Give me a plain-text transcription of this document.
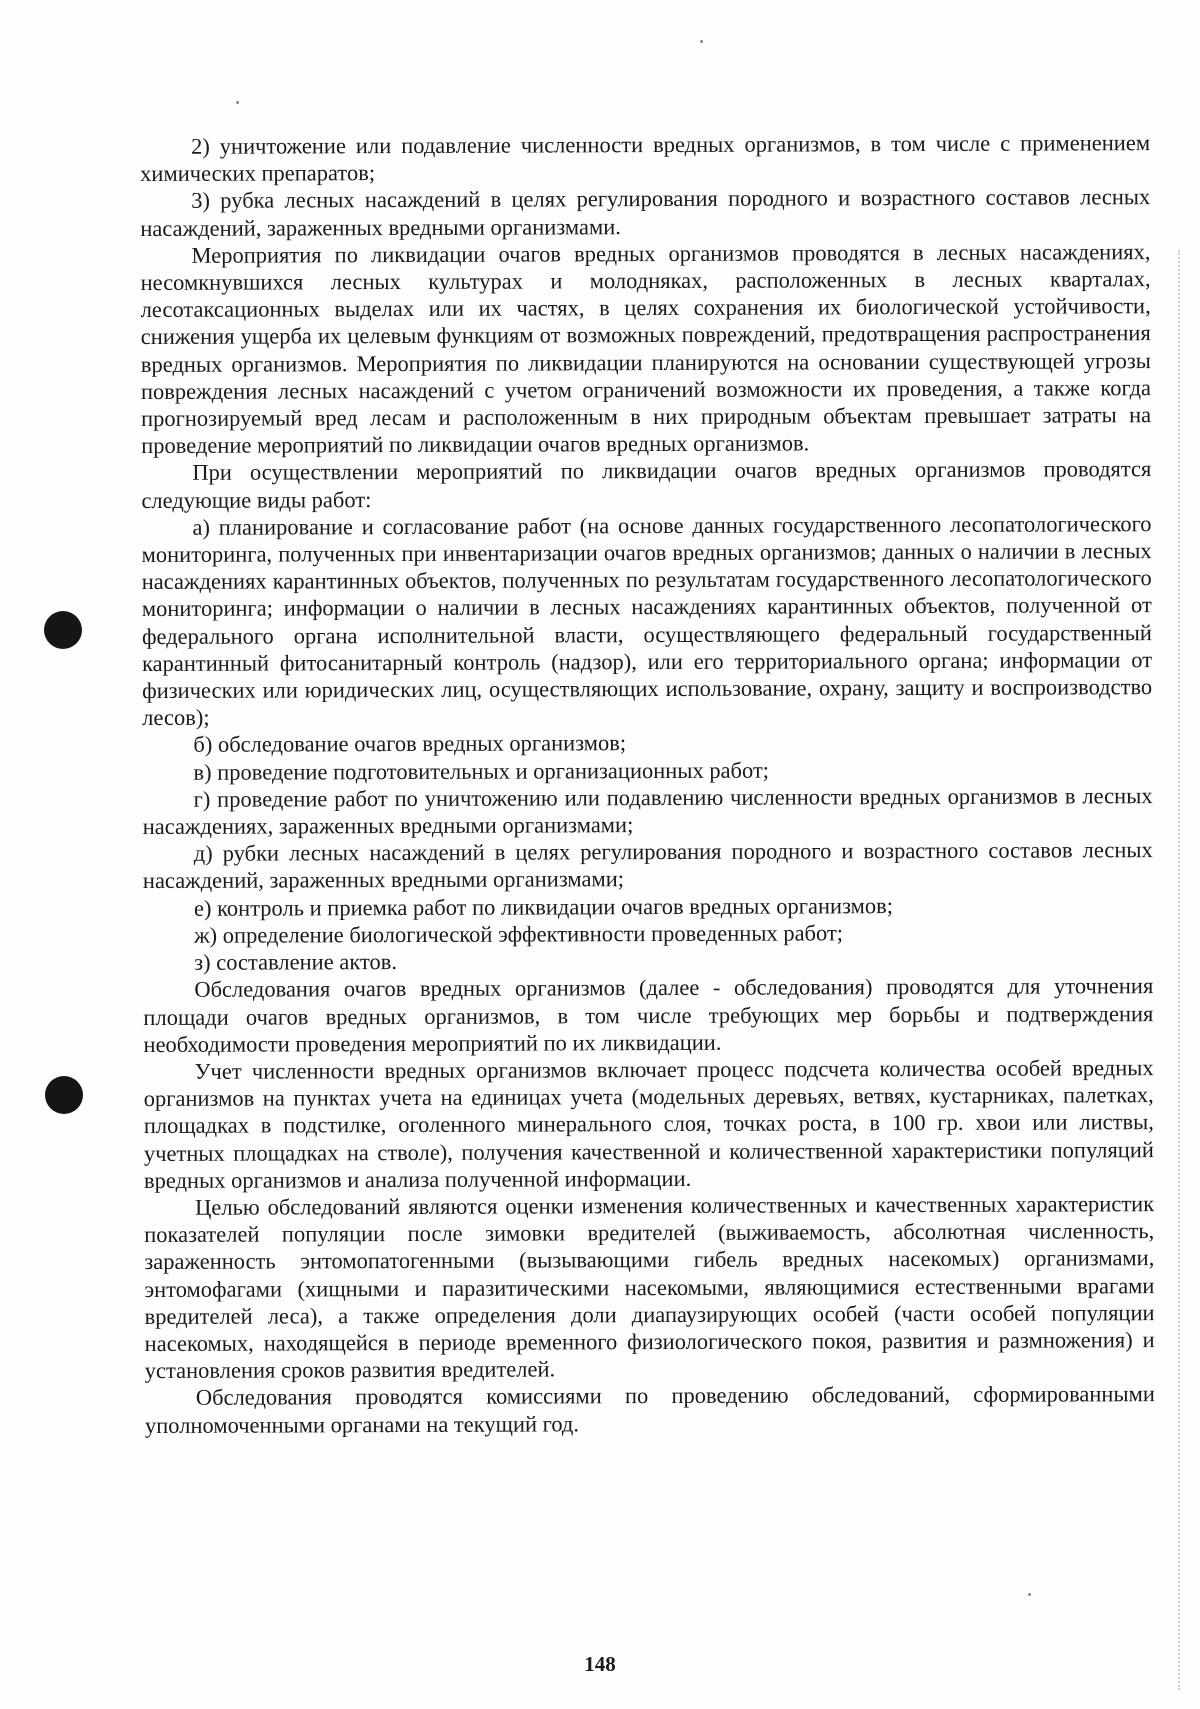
2) уничтожение или подавление численности вредных организмов, в том числе с применением химических препаратов;

3) рубка лесных насаждений в целях регулирования породного и возрастного составов лесных насаждений, зараженных вредными организмами.

Мероприятия по ликвидации очагов вредных организмов проводятся в лесных насаждениях, несомкнувшихся лесных культурах и молодняках, расположенных в лесных кварталах, лесотаксационных выделах или их частях, в целях сохранения их биологической устойчивости, снижения ущерба их целевым функциям от возможных повреждений, предотвращения распространения вредных организмов. Мероприятия по ликвидации планируются на основании существующей угрозы повреждения лесных насаждений с учетом ограничений возможности их проведения, а также когда прогнозируемый вред лесам и расположенным в них природным объектам превышает затраты на проведение мероприятий по ликвидации очагов вредных организмов.

При осуществлении мероприятий по ликвидации очагов вредных организмов проводятся следующие виды работ:

а) планирование и согласование работ (на основе данных государственного лесопатологического мониторинга, полученных при инвентаризации очагов вредных организмов; данных о наличии в лесных насаждениях карантинных объектов, полученных по результатам государственного лесопатологического мониторинга; информации о наличии в лесных насаждениях карантинных объектов, полученной от федерального органа исполнительной власти, осуществляющего федеральный государственный карантинный фитосанитарный контроль (надзор), или его территориального органа; информации от физических или юридических лиц, осуществляющих использование, охрану, защиту и воспроизводство лесов);

б) обследование очагов вредных организмов;

в) проведение подготовительных и организационных работ;

г) проведение работ по уничтожению или подавлению численности вредных организмов в лесных насаждениях, зараженных вредными организмами;

д) рубки лесных насаждений в целях регулирования породного и возрастного составов лесных насаждений, зараженных вредными организмами;

е) контроль и приемка работ по ликвидации очагов вредных организмов;

ж) определение биологической эффективности проведенных работ;

з) составление актов.

Обследования очагов вредных организмов (далее - обследования) проводятся для уточнения площади очагов вредных организмов, в том числе требующих мер борьбы и подтверждения необходимости проведения мероприятий по их ликвидации.

Учет численности вредных организмов включает процесс подсчета количества особей вредных организмов на пунктах учета на единицах учета (модельных деревьях, ветвях, кустарниках, палетках, площадках в подстилке, оголенного минерального слоя, точках роста, в 100 гр. хвои или листвы, учетных площадках на стволе), получения качественной и количественной характеристики популяций вредных организмов и анализа полученной информации.

Целью обследований являются оценки изменения количественных и качественных характеристик показателей популяции после зимовки вредителей (выживаемость, абсолютная численность, зараженность энтомопатогенными (вызывающими гибель вредных насекомых) организмами, энтомофагами (хищными и паразитическими насекомыми, являющимися естественными врагами вредителей леса), а также определения доли диапаузирующих особей (части особей популяции насекомых, находящейся в периоде временного физиологического покоя, развития и размножения) и установления сроков развития вредителей.

Обследования проводятся комиссиями по проведению обследований, сформированными уполномоченными органами на текущий год.

148
